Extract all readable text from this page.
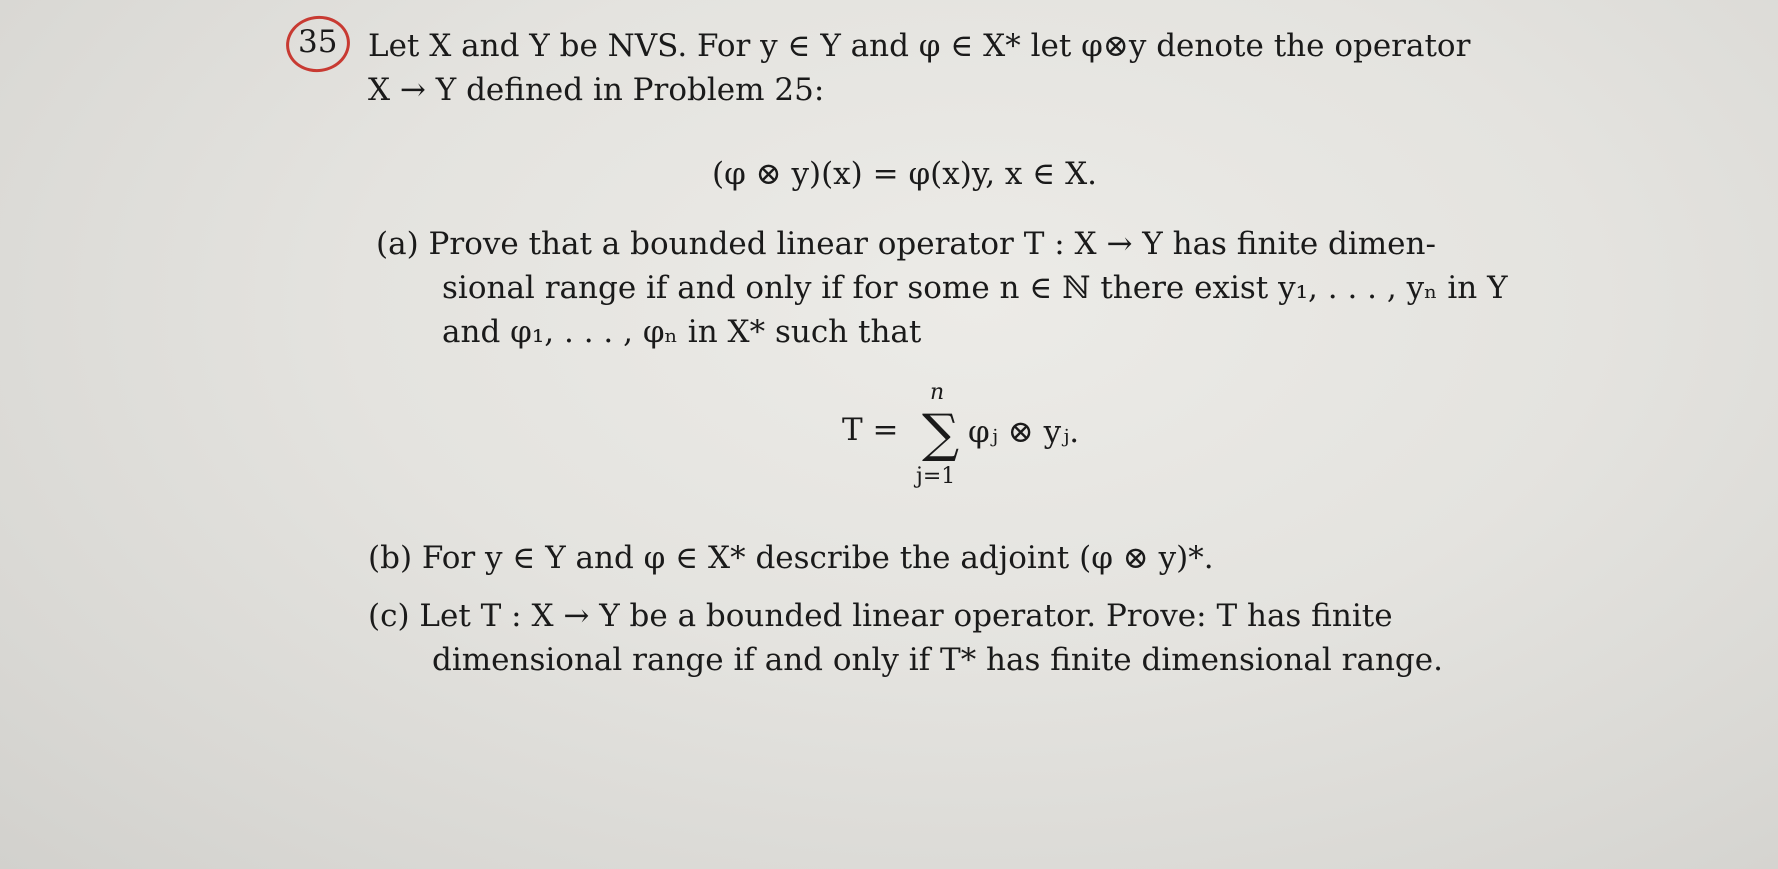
35 Let X and Y be NVS. For y ∈ Y and φ ∈ X* let φ⊗y denote the operator
X → Y defined in Problem 25:
(φ ⊗ y)(x) = φ(x)y, x ∈ X.
(a) Prove that a bounded linear operator T : X → Y has finite dimen-
sional range if and only if for some n ∈ ℕ there exist y₁, . . . , yₙ in Y
and φ₁, . . . , φₙ in X* such that
T =
n
∑
j=1
φⱼ ⊗ yⱼ.
(b) For y ∈ Y and φ ∈ X* describe the adjoint (φ ⊗ y)*.
(c) Let T : X → Y be a bounded linear operator. Prove: T has finite
dimensional range if and only if T* has finite dimensional range.
